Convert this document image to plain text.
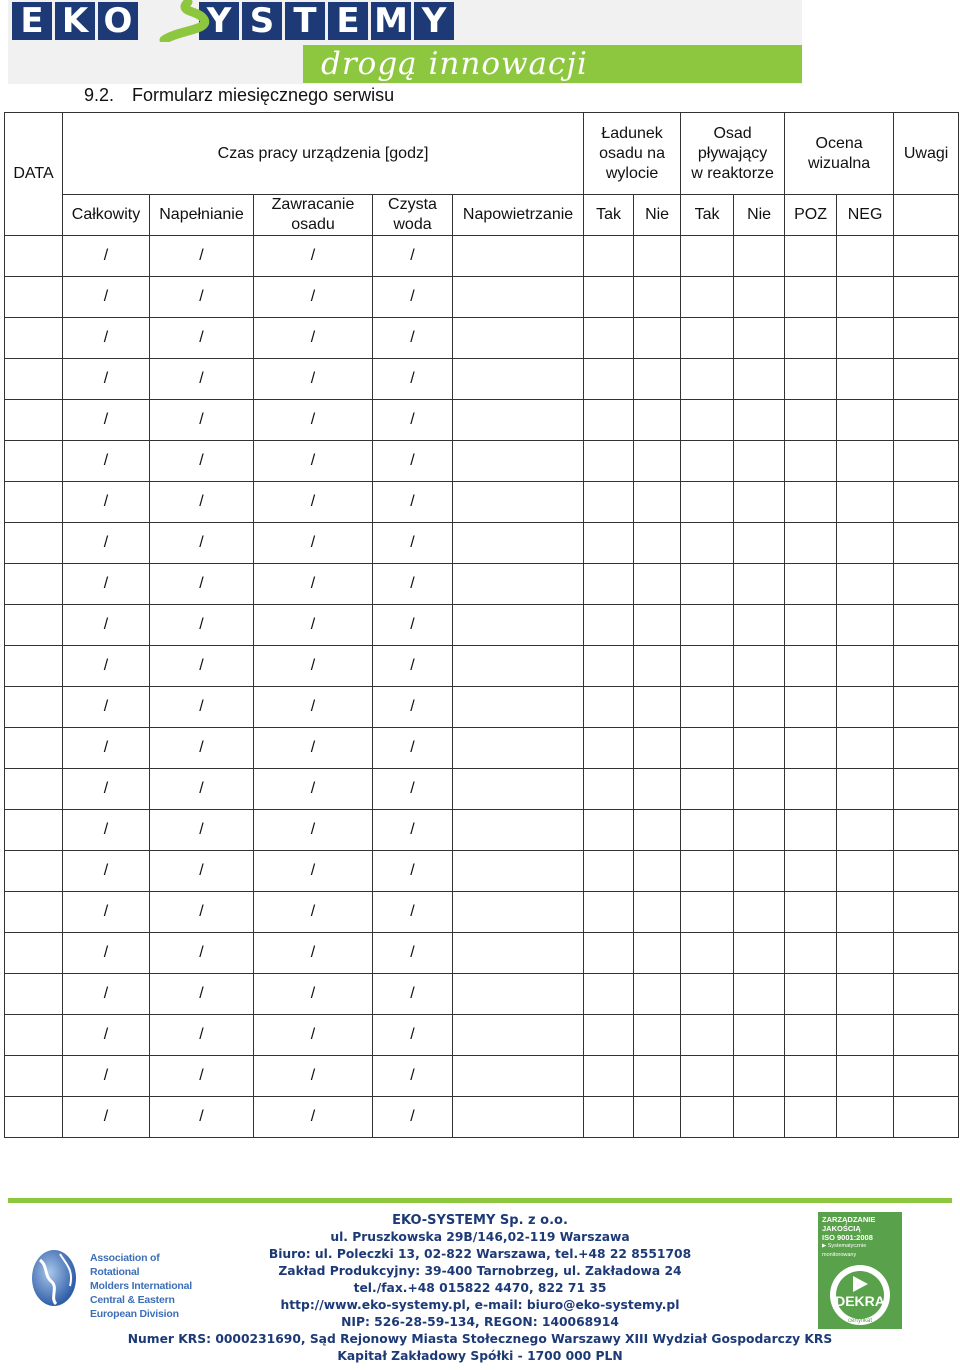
E K O Y S T E M Y
drogą innowacji
9.2. Formularz miesięcznego serwisu
DATA	Czas pracy urządzenia [godz]					Ładunek osadu na wylocie		Osad pływający w reaktorze		Ocena wizualna		Uwagi
	Całkowity	Napełnianie	Zawracanie osadu	Czysta woda	Napowietrzanie	Tak	Nie	Tak	Nie	POZ	NEG	
	/	/	/	/								
	/	/	/	/								
	/	/	/	/								
	/	/	/	/								
	/	/	/	/								
	/	/	/	/								
	/	/	/	/								
	/	/	/	/								
	/	/	/	/								
	/	/	/	/								
	/	/	/	/								
	/	/	/	/								
	/	/	/	/								
	/	/	/	/								
	/	/	/	/								
	/	/	/	/								
	/	/	/	/								
	/	/	/	/								
	/	/	/	/								
	/	/	/	/								
	/	/	/	/								
	/	/	/	/								
Association of Rotational
Molders International
Central & Eastern
European Division
EKO-SYSTEMY Sp. z o.o.
ul. Pruszkowska 29B/146,02-119 Warszawa
Biuro: ul. Poleczki 13, 02-822 Warszawa, tel.+48 22 8551708
Zakład Produkcyjny: 39-400 Tarnobrzeg, ul. Zakładowa 24
tel./fax.+48 015822 4470, 822 71 35
http://www.eko-systemy.pl, e-mail: biuro@eko-systemy.pl
NIP: 526-28-59-134, REGON: 140068914
Numer KRS: 0000231690, Sąd Rejonowy Miasta Stołecznego Warszawy XIII Wydział Gospodarczy KRS
Kapitał Zakładowy Spółki - 1700 000 PLN
ZARZĄDZANIE
JAKOŚCIĄ
ISO 9001:2008
▶ Systematycznie
monitorowany
DEKRA
certyfikat
